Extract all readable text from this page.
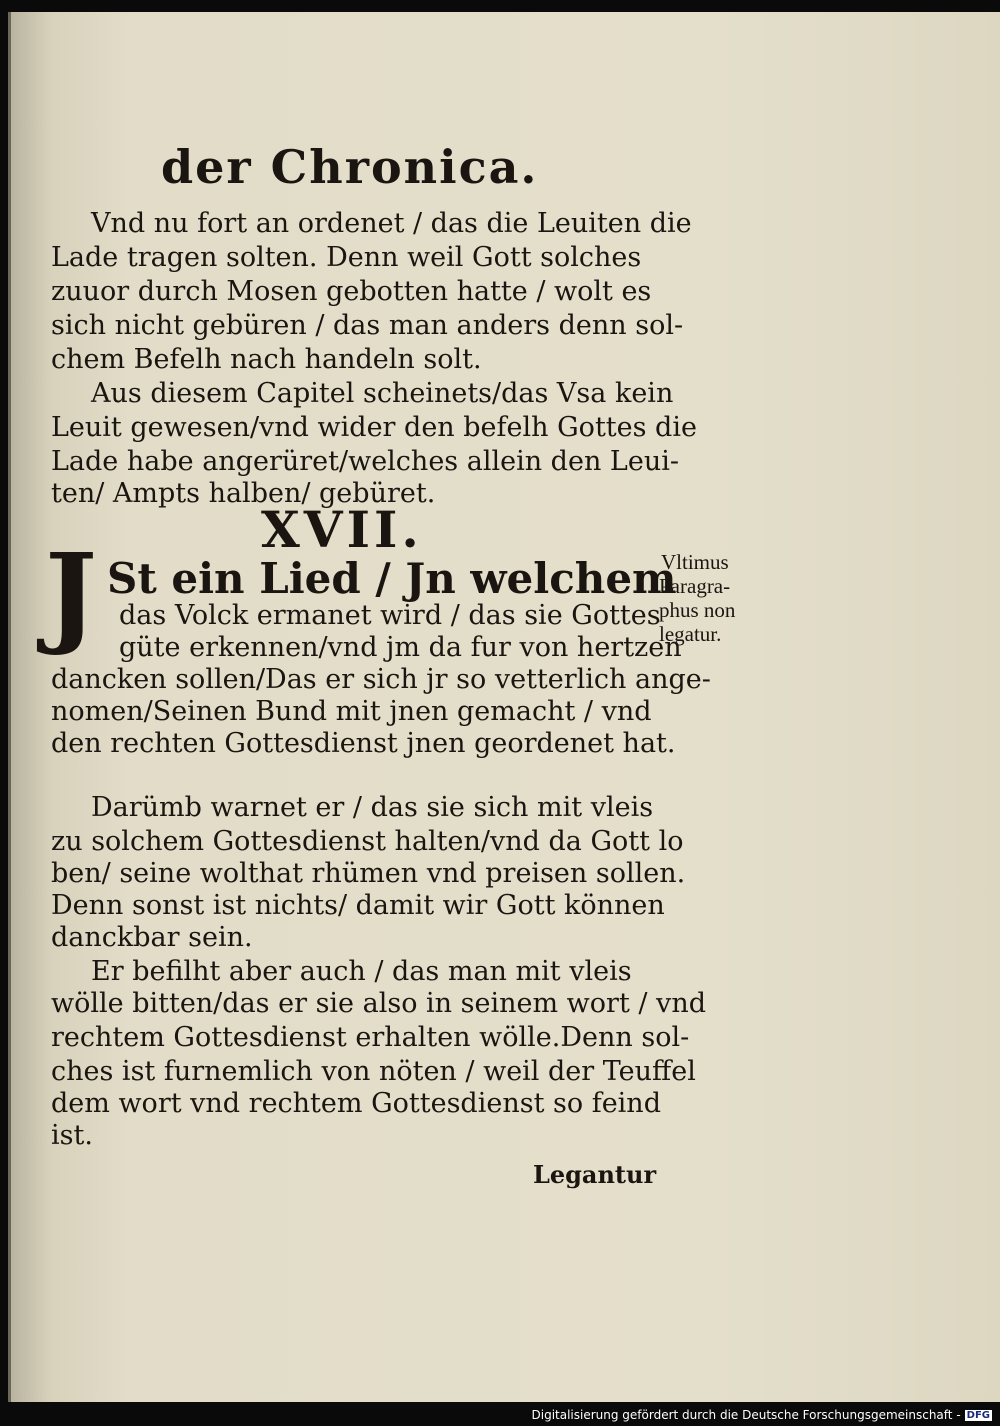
der Chronica.
Vnd nu fort an ordenet / das die Leuiten die
Lade tragen solten. Denn weil Gott solches
zuuor durch Mosen gebotten hatte / wolt es
sich nicht gebüren / das man anders denn sol-
chem Befelh nach handeln solt.
Aus diesem Capitel scheinets/das Vsa kein
Leuit gewesen/vnd wider den befelh Gottes die
Lade habe angerüret/welches allein den Leui-
ten/ Ampts halben/ gebüret.
XVII.
J St ein Lied / Jn welchem
das Volck ermanet wird / das sie Gottes
güte erkennen/vnd jm da fur von hertzen
dancken sollen/Das er sich jr so vetterlich ange-
nomen/Seinen Bund mit jnen gemacht / vnd
den rechten Gottesdienst jnen geordenet hat.
Darümb warnet er / das sie sich mit vleis
zu solchem Gottesdienst halten/vnd da Gott lo
ben/ seine wolthat rhümen vnd preisen sollen.
Denn sonst ist nichts/ damit wir Gott können
danckbar sein.
Er befilht aber auch / das man mit vleis
wölle bitten/das er sie also in seinem wort / vnd
rechtem Gottesdienst erhalten wölle.Denn sol-
ches ist furnemlich von nöten / weil der Teuffel
dem wort vnd rechtem Gottesdienst so feind
ist.
Vltimus
Paragra-
phus non
legatur.
Legantur
Digitalisierung gefördert durch die Deutsche Forschungsgemeinschaft - DFG
